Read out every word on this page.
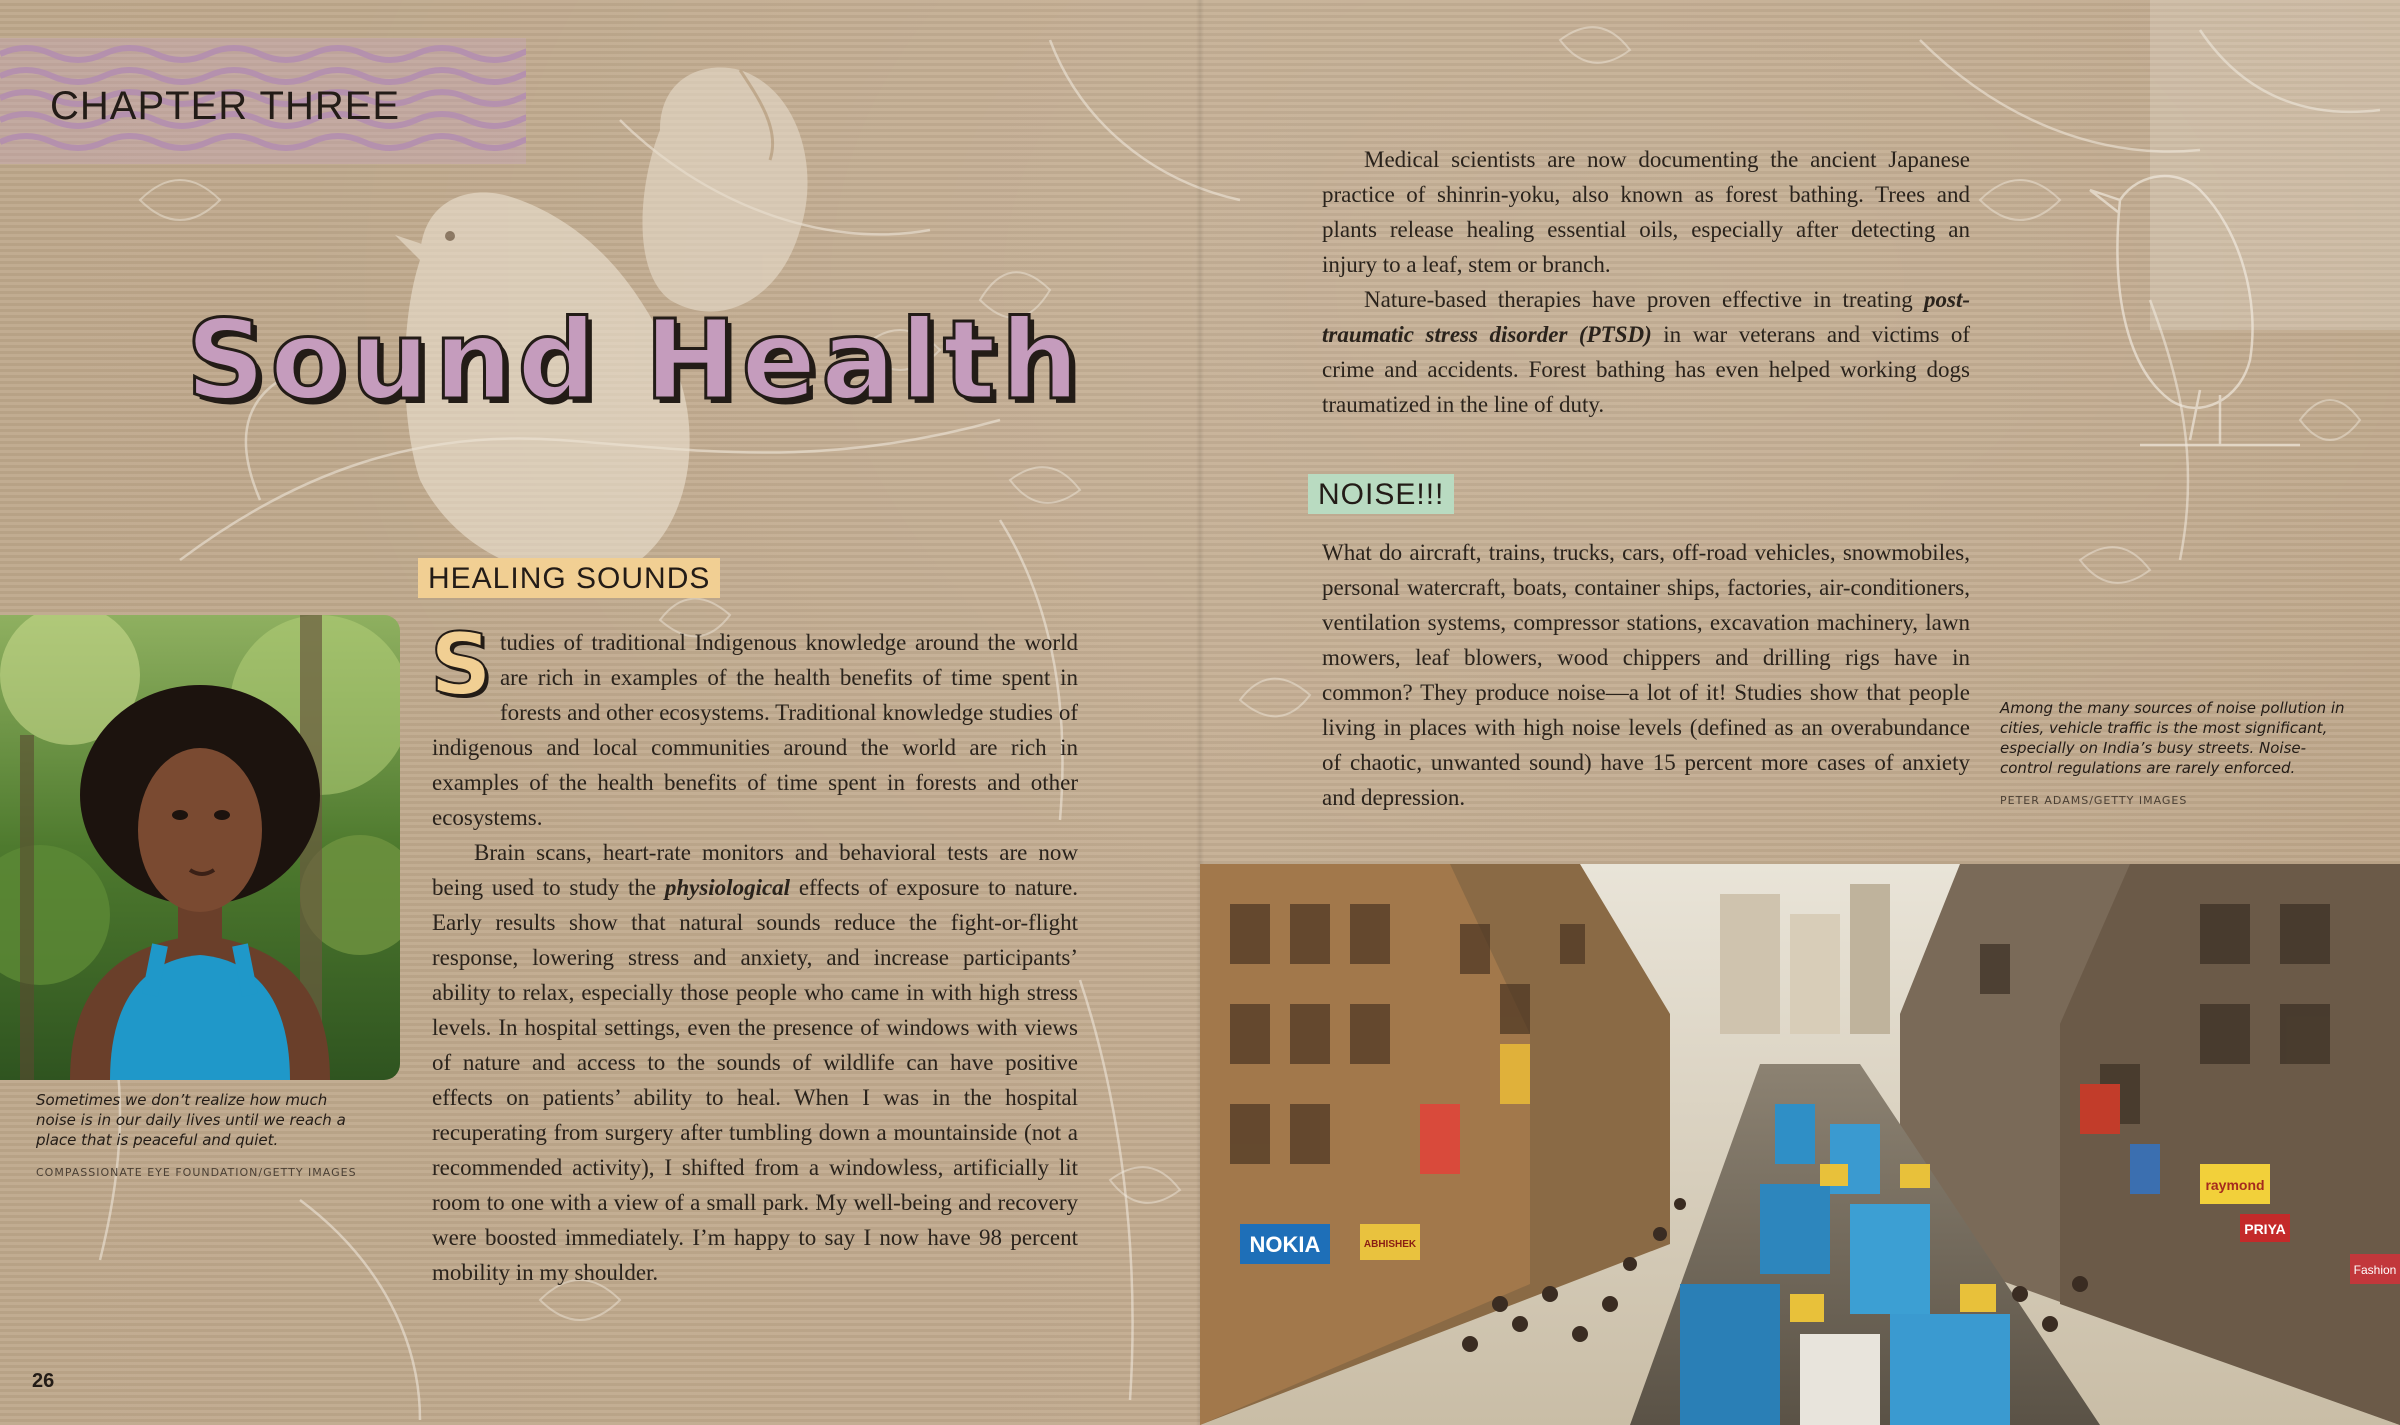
CHAPTER THREE
Sound Health
HEALING SOUNDS
Sometimes we don’t realize how much noise is in our daily lives until we reach a place that is peaceful and quiet.
COMPASSIONATE EYE FOUNDATION/GETTY IMAGES

Studies of traditional Indigenous knowledge around the world are rich in examples of the health benefits of time spent in forests and other ecosystems. Traditional knowledge studies of indigenous and local communities around the world are rich in examples of the health benefits of time spent in forests and other ecosystems.

Brain scans, heart-rate monitors and behavioral tests are now being used to study the physiological effects of exposure to nature. Early results show that natural sounds reduce the fight-or-flight response, lowering stress and anxiety, and increase participants’ ability to relax, especially those people who came in with high stress levels. In hospital settings, even the presence of windows with views of nature and access to the sounds of wildlife can have positive effects on patients’ ability to heal. When I was in the hospital recuperating from surgery after tumbling down a mountainside (not a recommended activity), I shifted from a windowless, artificially lit room to one with a view of a small park. My well-being and recovery were boosted immediately. I’m happy to say I now have 98 percent mobility in my shoulder.

Medical scientists are now documenting the ancient Japanese practice of shinrin-yoku, also known as forest bathing. Trees and plants release healing essential oils, especially after detecting an injury to a leaf, stem or branch.

Nature-based therapies have proven effective in treating post-traumatic stress disorder (PTSD) in war veterans and victims of crime and accidents. Forest bathing has even helped working dogs traumatized in the line of duty.

NOISE!!!

What do aircraft, trains, trucks, cars, off-road vehicles, snowmobiles, personal watercraft, boats, container ships, factories, air-conditioners, ventilation systems, compressor stations, excavation machinery, lawn mowers, leaf blowers, wood chippers and drilling rigs have in common? They produce noise—a lot of it! Studies show that people living in places with high noise levels (defined as an overabundance of chaotic, unwanted sound) have 15 percent more cases of anxiety and depression.

Among the many sources of noise pollution in cities, vehicle traffic is the most significant, especially on India’s busy streets. Noise-control regulations are rarely enforced.
PETER ADAMS/GETTY IMAGES
NOKIA	ABHISHEK
raymond
PRIYA
Fashion
26
